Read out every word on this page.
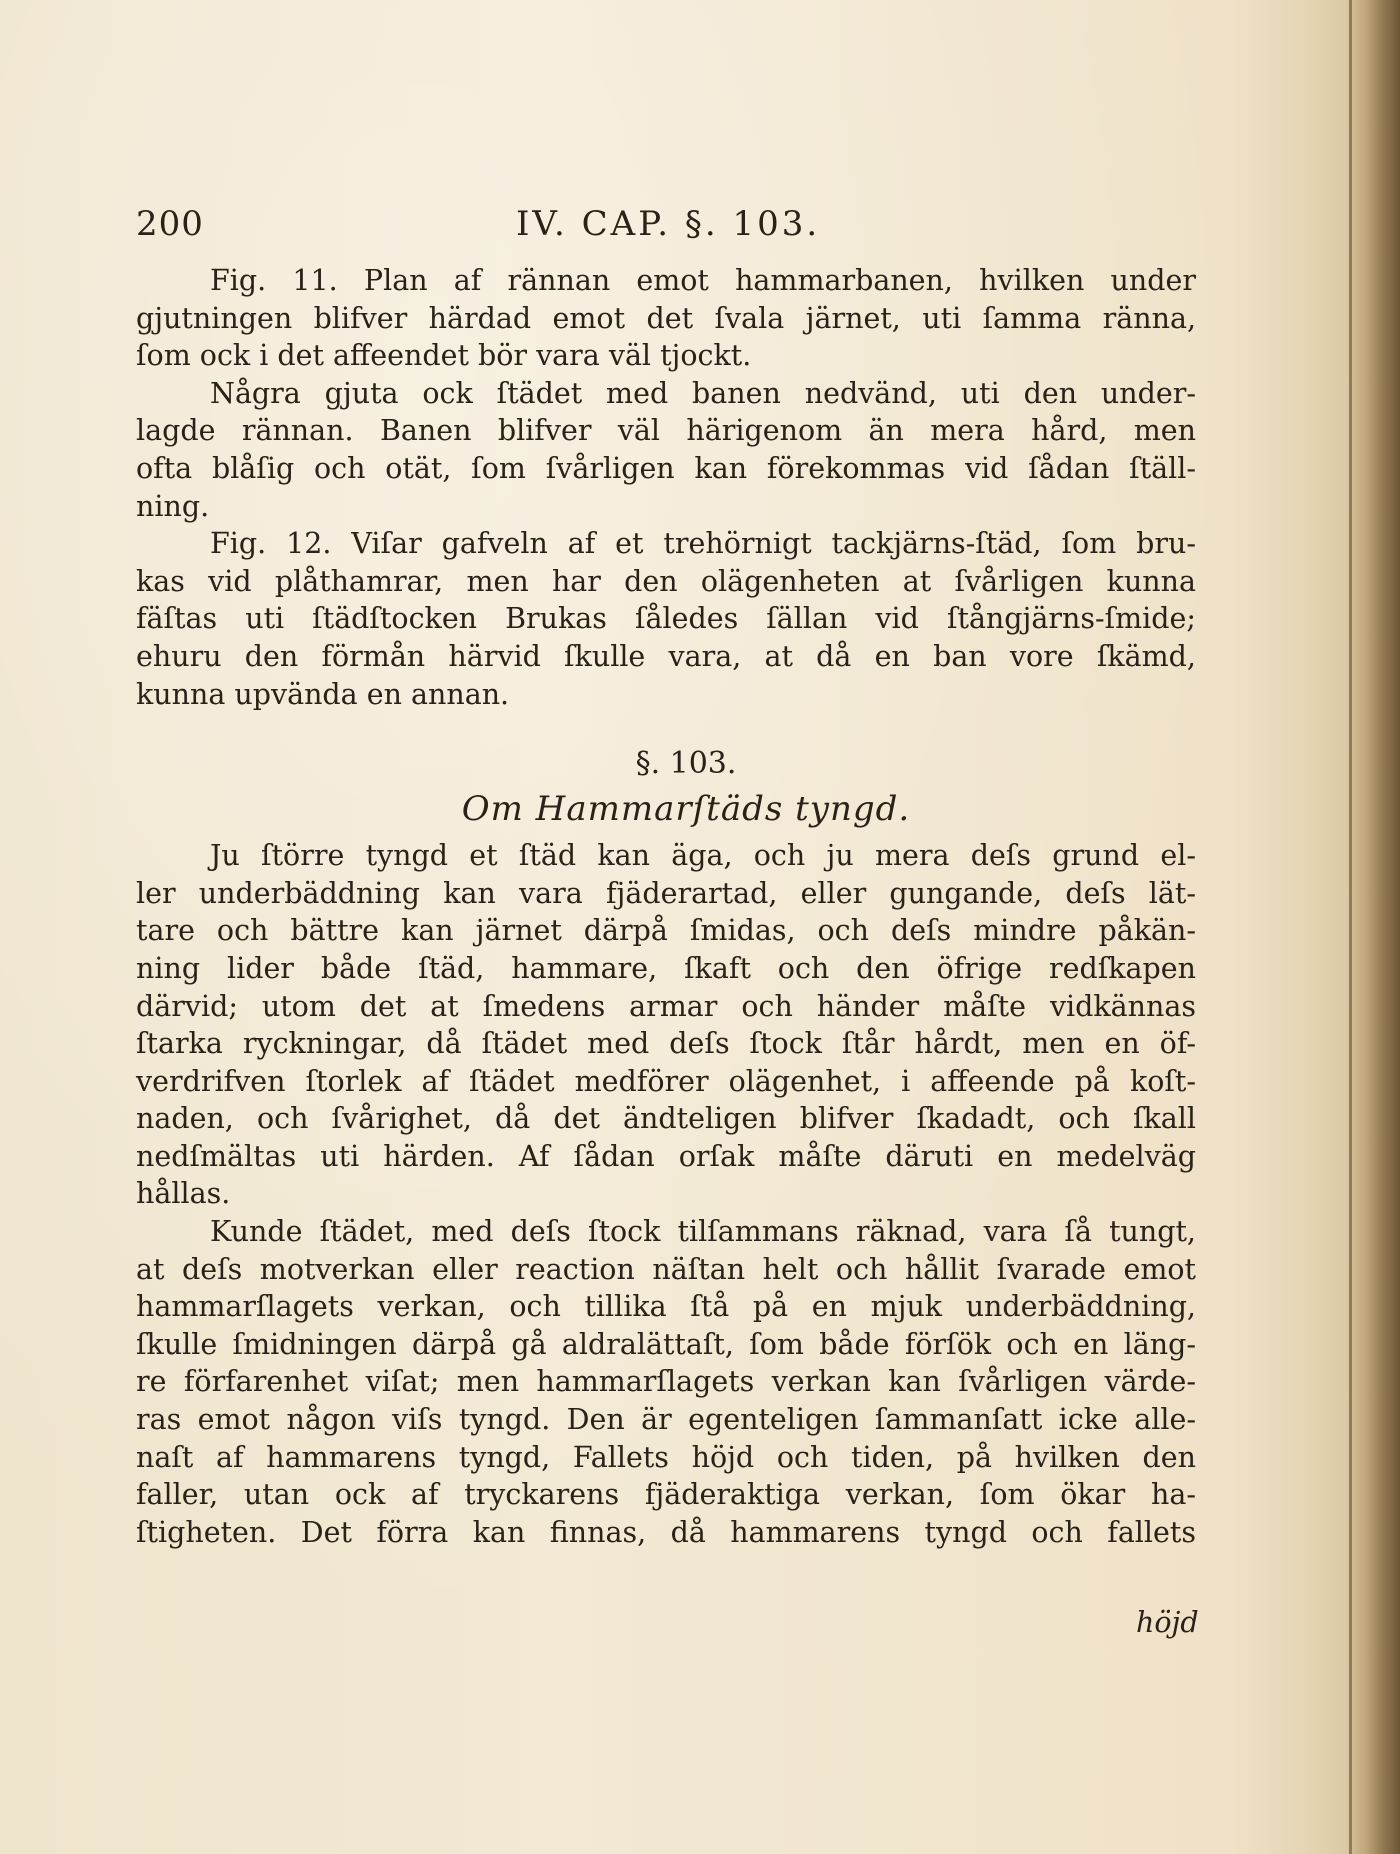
200	IV. CAP. §. 103.
Fig. 11. Plan af rännan emot hammarbanen, hvilken under
gjutningen blifver härdad emot det ſvala järnet, uti ſamma ränna,
ſom ock i det affeendet bör vara väl tjockt.
Några gjuta ock ſtädet med banen nedvänd, uti den under-
lagde rännan. Banen blifver väl härigenom än mera hård, men
ofta blåſig och otät, ſom ſvårligen kan förekommas vid ſådan ſtäll-
ning.
Fig. 12. Viſar gafveln af et trehörnigt tackjärns-ſtäd, ſom bru-
kas vid plåthamrar, men har den olägenheten at ſvårligen kunna
fäſtas uti ſtädſtocken Brukas ſåledes ſällan vid ſtångjärns-ſmide;
ehuru den förmån härvid ſkulle vara, at då en ban vore ſkämd,
kunna upvända en annan.
§. 103.
Om Hammarſtäds tyngd.
Ju ſtörre tyngd et ſtäd kan äga, och ju mera deſs grund el-
ler underbäddning kan vara fjäderartad, eller gungande, deſs lät-
tare och bättre kan järnet därpå ſmidas, och deſs mindre påkän-
ning lider både ſtäd, hammare, ſkaft och den öfrige redſkapen
därvid; utom det at ſmedens armar och händer måſte vidkännas
ſtarka ryckningar, då ſtädet med deſs ſtock ſtår hårdt, men en öf-
verdrifven ſtorlek af ſtädet medförer olägenhet, i affeende på koſt-
naden, och ſvårighet, då det ändteligen blifver ſkadadt, och ſkall
nedſmältas uti härden. Af ſådan orſak måſte däruti en medelväg
hållas.
Kunde ſtädet, med deſs ſtock tilſammans räknad, vara ſå tungt,
at deſs motverkan eller reaction näſtan helt och hållit ſvarade emot
hammarſlagets verkan, och tillika ſtå på en mjuk underbäddning,
ſkulle ſmidningen därpå gå aldralättaſt, ſom både förſök och en läng-
re förfarenhet viſat; men hammarſlagets verkan kan ſvårligen värde-
ras emot någon viſs tyngd. Den är egenteligen ſammanſatt icke alle-
naſt af hammarens tyngd, Fallets höjd och tiden, på hvilken den
faller, utan ock af tryckarens fjäderaktiga verkan, ſom ökar ha-
ſtigheten. Det förra kan finnas, då hammarens tyngd och fallets
höjd
